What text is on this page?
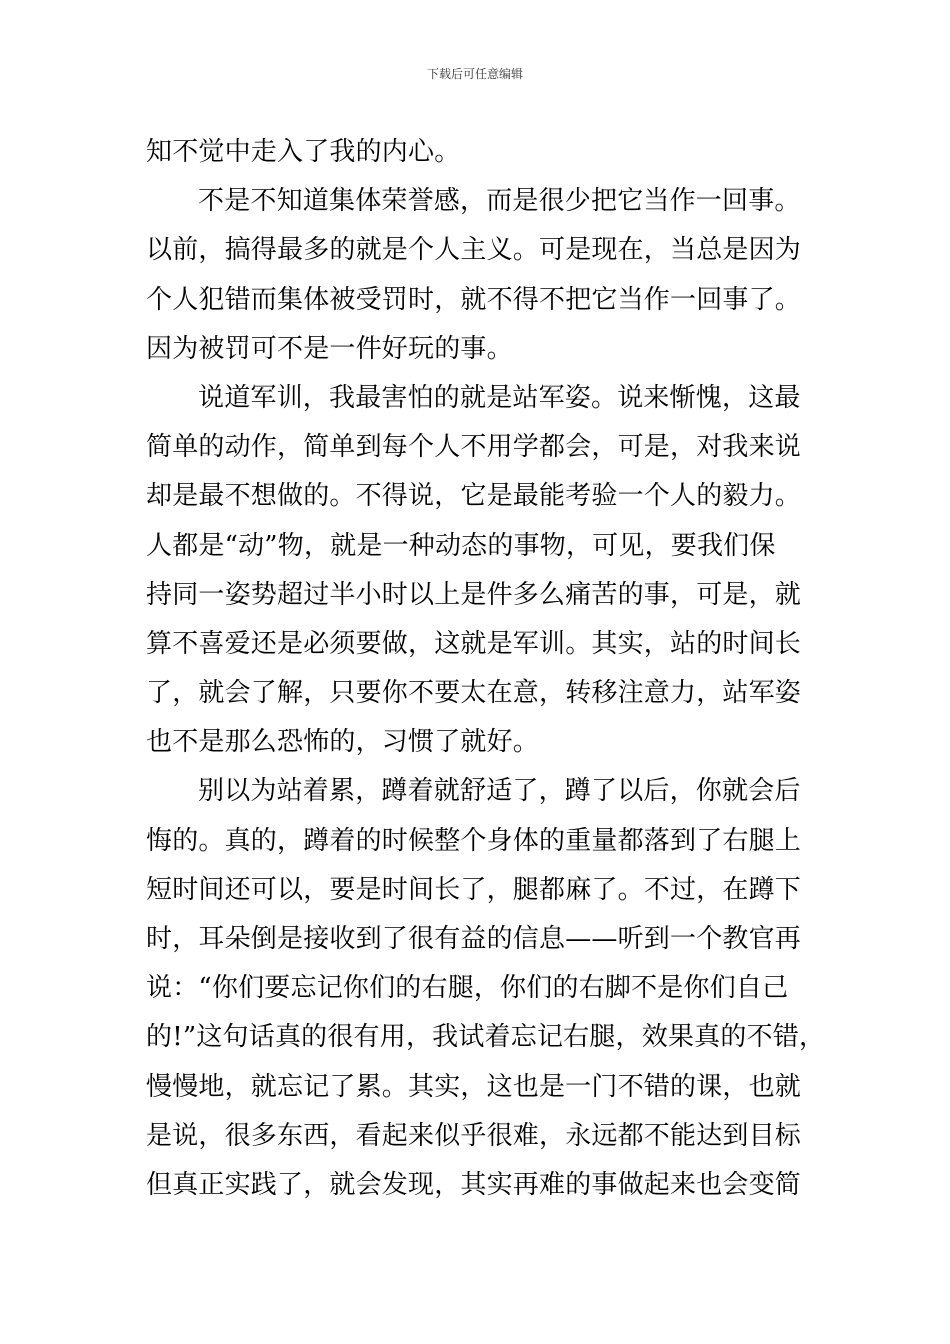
下载后可任意编辑
知不觉中走入了我的内心。
不是不知道集体荣誉感，而是很少把它当作一回事。
以前，搞得最多的就是个人主义。可是现在，当总是因为
个人犯错而集体被受罚时，就不得不把它当作一回事了。
因为被罚可不是一件好玩的事。
说道军训，我最害怕的就是站军姿。说来惭愧，这最
简单的动作，简单到每个人不用学都会，可是，对我来说
却是最不想做的。不得说，它是最能考验一个人的毅力。
人都是“动”物，就是一种动态的事物，可见，要我们保
持同一姿势超过半小时以上是件多么痛苦的事，可是，就
算不喜爱还是必须要做，这就是军训。其实，站的时间长
了，就会了解，只要你不要太在意，转移注意力，站军姿
也不是那么恐怖的，习惯了就好。
别以为站着累，蹲着就舒适了，蹲了以后，你就会后
悔的。真的，蹲着的时候整个身体的重量都落到了右腿上
短时间还可以，要是时间长了，腿都麻了。不过，在蹲下
时，耳朵倒是接收到了很有益的信息——听到一个教官再
说：“你们要忘记你们的右腿，你们的右脚不是你们自己
的!”这句话真的很有用，我试着忘记右腿，效果真的不错，
慢慢地，就忘记了累。其实，这也是一门不错的课，也就
是说，很多东西，看起来似乎很难，永远都不能达到目标
但真正实践了，就会发现，其实再难的事做起来也会变简
